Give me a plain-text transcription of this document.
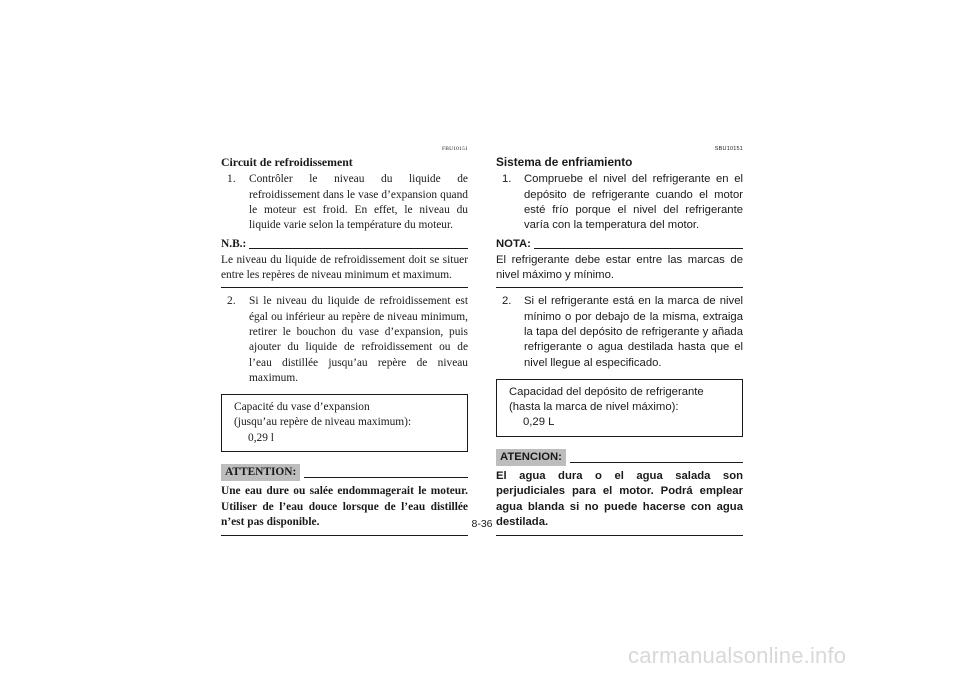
FBU10151
Circuit de refroidissement
1.	Contrôler le niveau du liquide de refroidissement dans le vase d’expansion quand le moteur est froid. En effet, le niveau du liquide varie selon la température du moteur.
N.B.:
Le niveau du liquide de refroidissement doit se situer entre les repères de niveau minimum et maximum.
2.	Si le niveau du liquide de refroidissement est égal ou inférieur au repère de niveau minimum, retirer le bouchon du vase d’expansion, puis ajouter du liquide de refroidissement ou de l’eau distillée jusqu’au repère de niveau maximum.
Capacité du vase d’expansion
(jusqu’au repère de niveau maximum):
0,29 l
ATTENTION:
Une eau dure ou salée endommagerait le moteur. Utiliser de l’eau douce lorsque de l’eau distillée n’est pas disponible.
SBU10151
Sistema de enfriamiento
1.	Compruebe el nivel del refrigerante en el depósito de refrigerante cuando el motor esté frío porque el nivel del refrigerante varía con la temperatura del motor.
NOTA:
El refrigerante debe estar entre las marcas de nivel máximo y mínimo.
2.	Si el refrigerante está en la marca de nivel mínimo o por debajo de la misma, extraiga la tapa del depósito de refrigerante y añada refrigerante o agua destilada hasta que el nivel llegue al especificado.
Capacidad del depósito de refrigerante
(hasta la marca de nivel máximo):
0,29 L
ATENCION:
El agua dura o el agua salada son perjudiciales para el motor. Podrá emplear agua blanda si no puede hacerse con agua destilada.
8-36
carmanualsonline.info
